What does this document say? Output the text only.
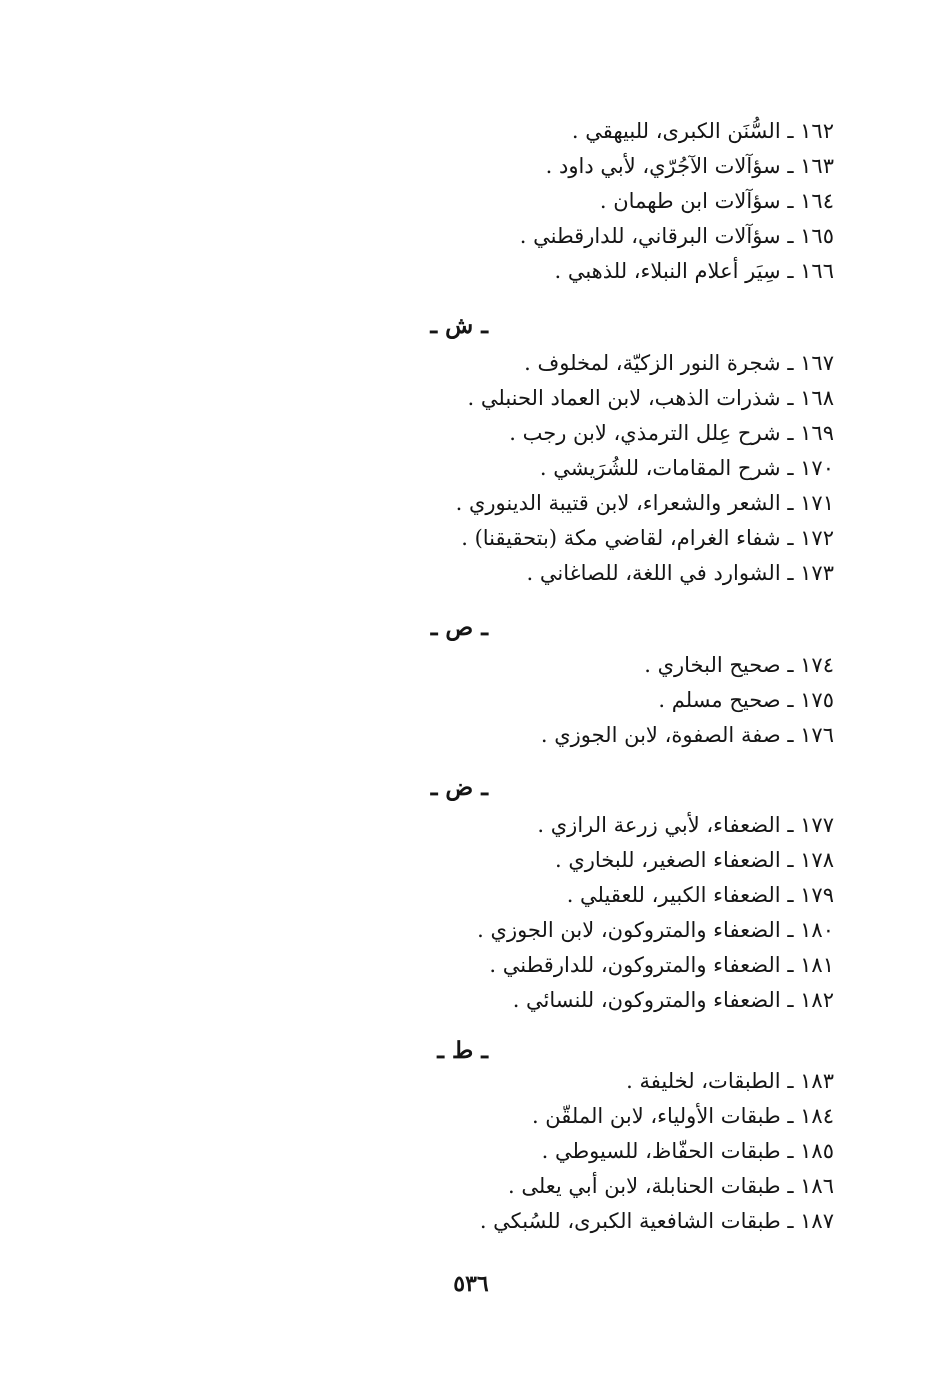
١٦٢ ـ السُّنَن الكبرى، للبيهقي .
١٦٣ ـ سؤآلات الآجُرّي، لأبي داود .
١٦٤ ـ سؤآلات ابن طهمان .
١٦٥ ـ سؤآلات البرقاني، للدارقطني .
١٦٦ ـ سِيَر أعلام النبلاء، للذهبي .
ـ ش ـ
١٦٧ ـ شجرة النور الزكيّة، لمخلوف .
١٦٨ ـ شذرات الذهب، لابن العماد الحنبلي .
١٦٩ ـ شرح عِلل الترمذي، لابن رجب .
١٧٠ ـ شرح المقامات، للشُرَيشي .
١٧١ ـ الشعر والشعراء، لابن قتيبة الدينوري .
١٧٢ ـ شفاء الغرام، لقاضي مكة (بتحقيقنا) .
١٧٣ ـ الشوارد في اللغة، للصاغاني .
ـ ص ـ
١٧٤ ـ صحيح البخاري .
١٧٥ ـ صحيح مسلم .
١٧٦ ـ صفة الصفوة، لابن الجوزي .
ـ ض ـ
١٧٧ ـ الضعفاء، لأبي زرعة الرازي .
١٧٨ ـ الضعفاء الصغير، للبخاري .
١٧٩ ـ الضعفاء الكبير، للعقيلي .
١٨٠ ـ الضعفاء والمتروكون، لابن الجوزي .
١٨١ ـ الضعفاء والمتروكون، للدارقطني .
١٨٢ ـ الضعفاء والمتروكون، للنسائي .
ـ ط ـ
١٨٣ ـ الطبقات، لخليفة .
١٨٤ ـ طبقات الأولياء، لابن الملقّن .
١٨٥ ـ طبقات الحفّاظ، للسيوطي .
١٨٦ ـ طبقات الحنابلة، لابن أبي يعلى .
١٨٧ ـ طبقات الشافعية الكبرى، للسُبكي .
٥٣٦
